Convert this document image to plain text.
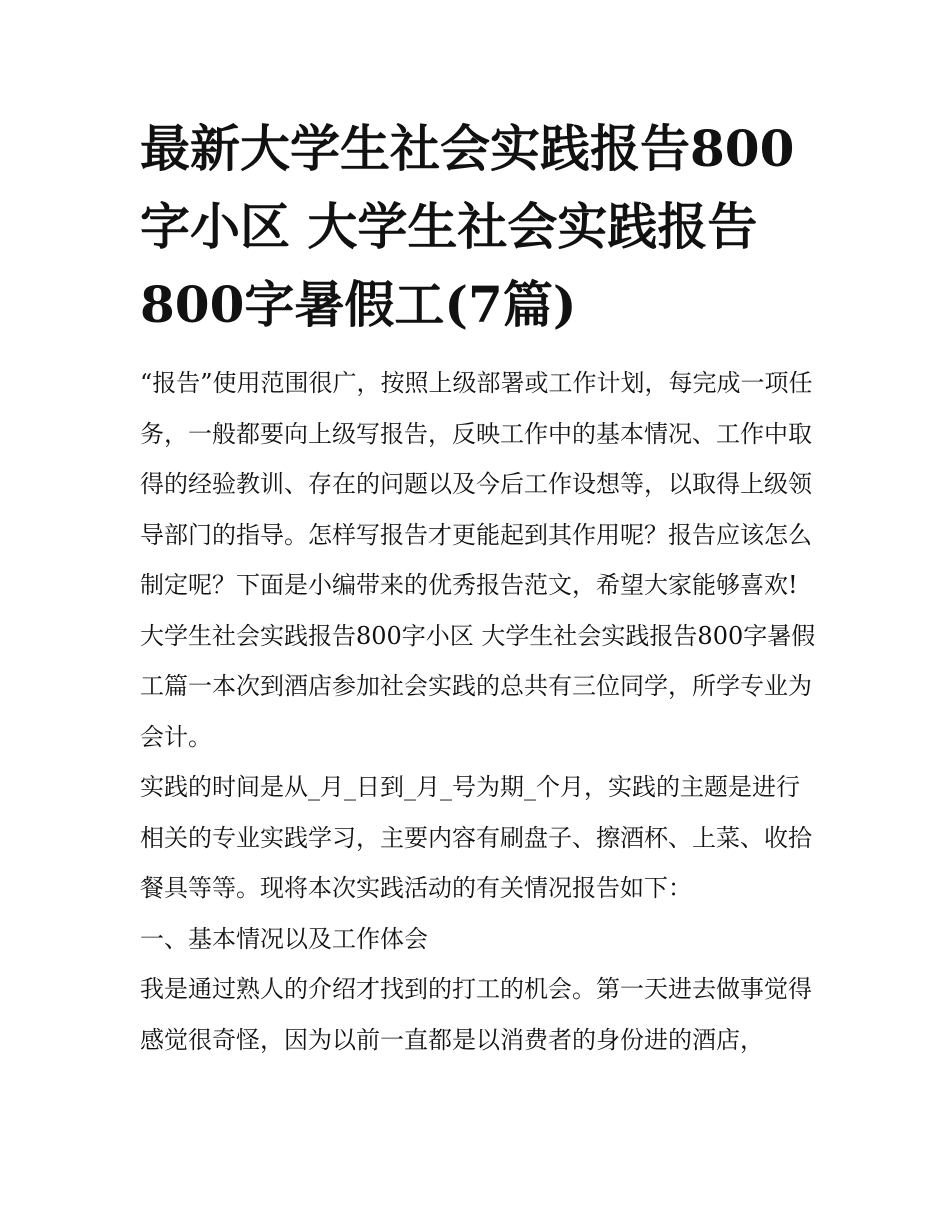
最新大学生社会实践报告800字小区 大学生社会实践报告800字暑假工(7篇)

“报告”使用范围很广，按照上级部署或工作计划，每完成一项任务，一般都要向上级写报告，反映工作中的基本情况、工作中取得的经验教训、存在的问题以及今后工作设想等，以取得上级领导部门的指导。怎样写报告才更能起到其作用呢？报告应该怎么制定呢？下面是小编带来的优秀报告范文，希望大家能够喜欢!

大学生社会实践报告800字小区 大学生社会实践报告800字暑假工篇一本次到酒店参加社会实践的总共有三位同学，所学专业为会计。

实践的时间是从_月_日到_月_号为期_个月，实践的主题是进行相关的专业实践学习，主要内容有刷盘子、擦酒杯、上菜、收拾餐具等等。现将本次实践活动的有关情况报告如下：

一、基本情况以及工作体会

我是通过熟人的介绍才找到的打工的机会。第一天进去做事觉得感觉很奇怪，因为以前一直都是以消费者的身份进的酒店，
